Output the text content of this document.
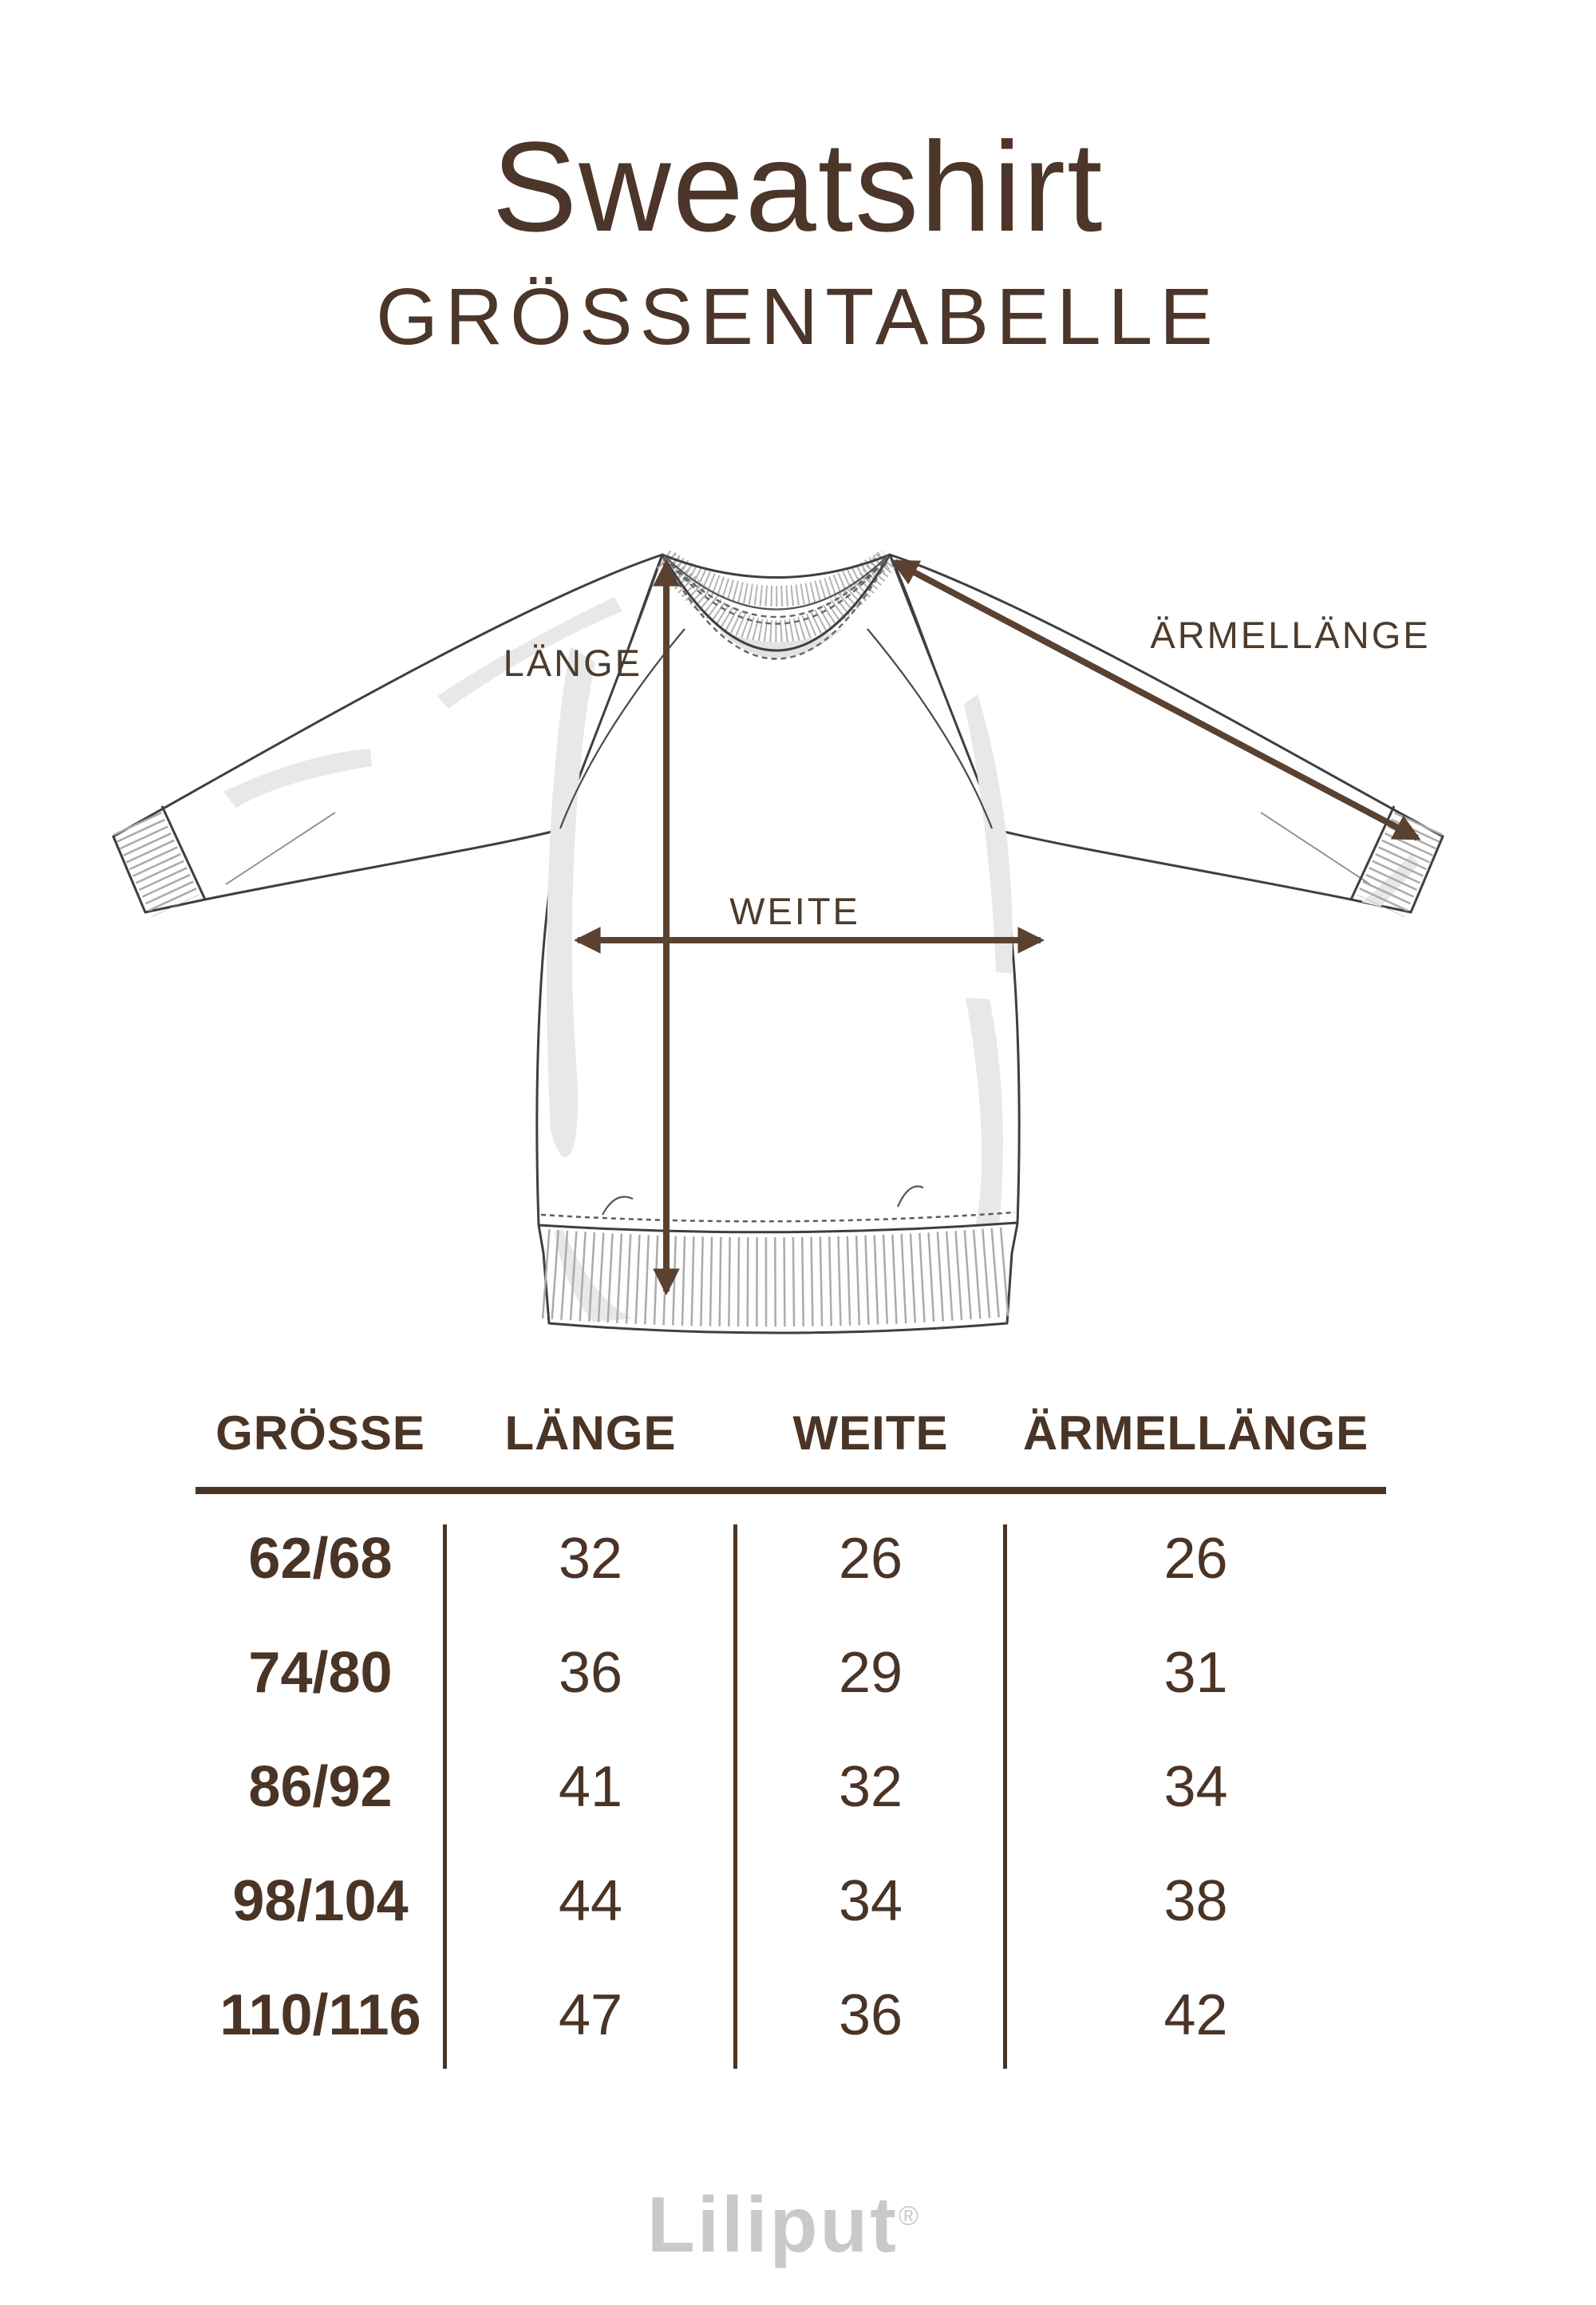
Sweatshirt
GRÖSSENTABELLE
LÄNGE
ÄRMELLÄNGE
WEITE
GRÖSSE	LÄNGE	WEITE	ÄRMELLÄNGE
62/68	32	26	26
74/80	36	29	31
86/92	41	32	34
98/104	44	34	38
110/116	47	36	42
Liliput®
